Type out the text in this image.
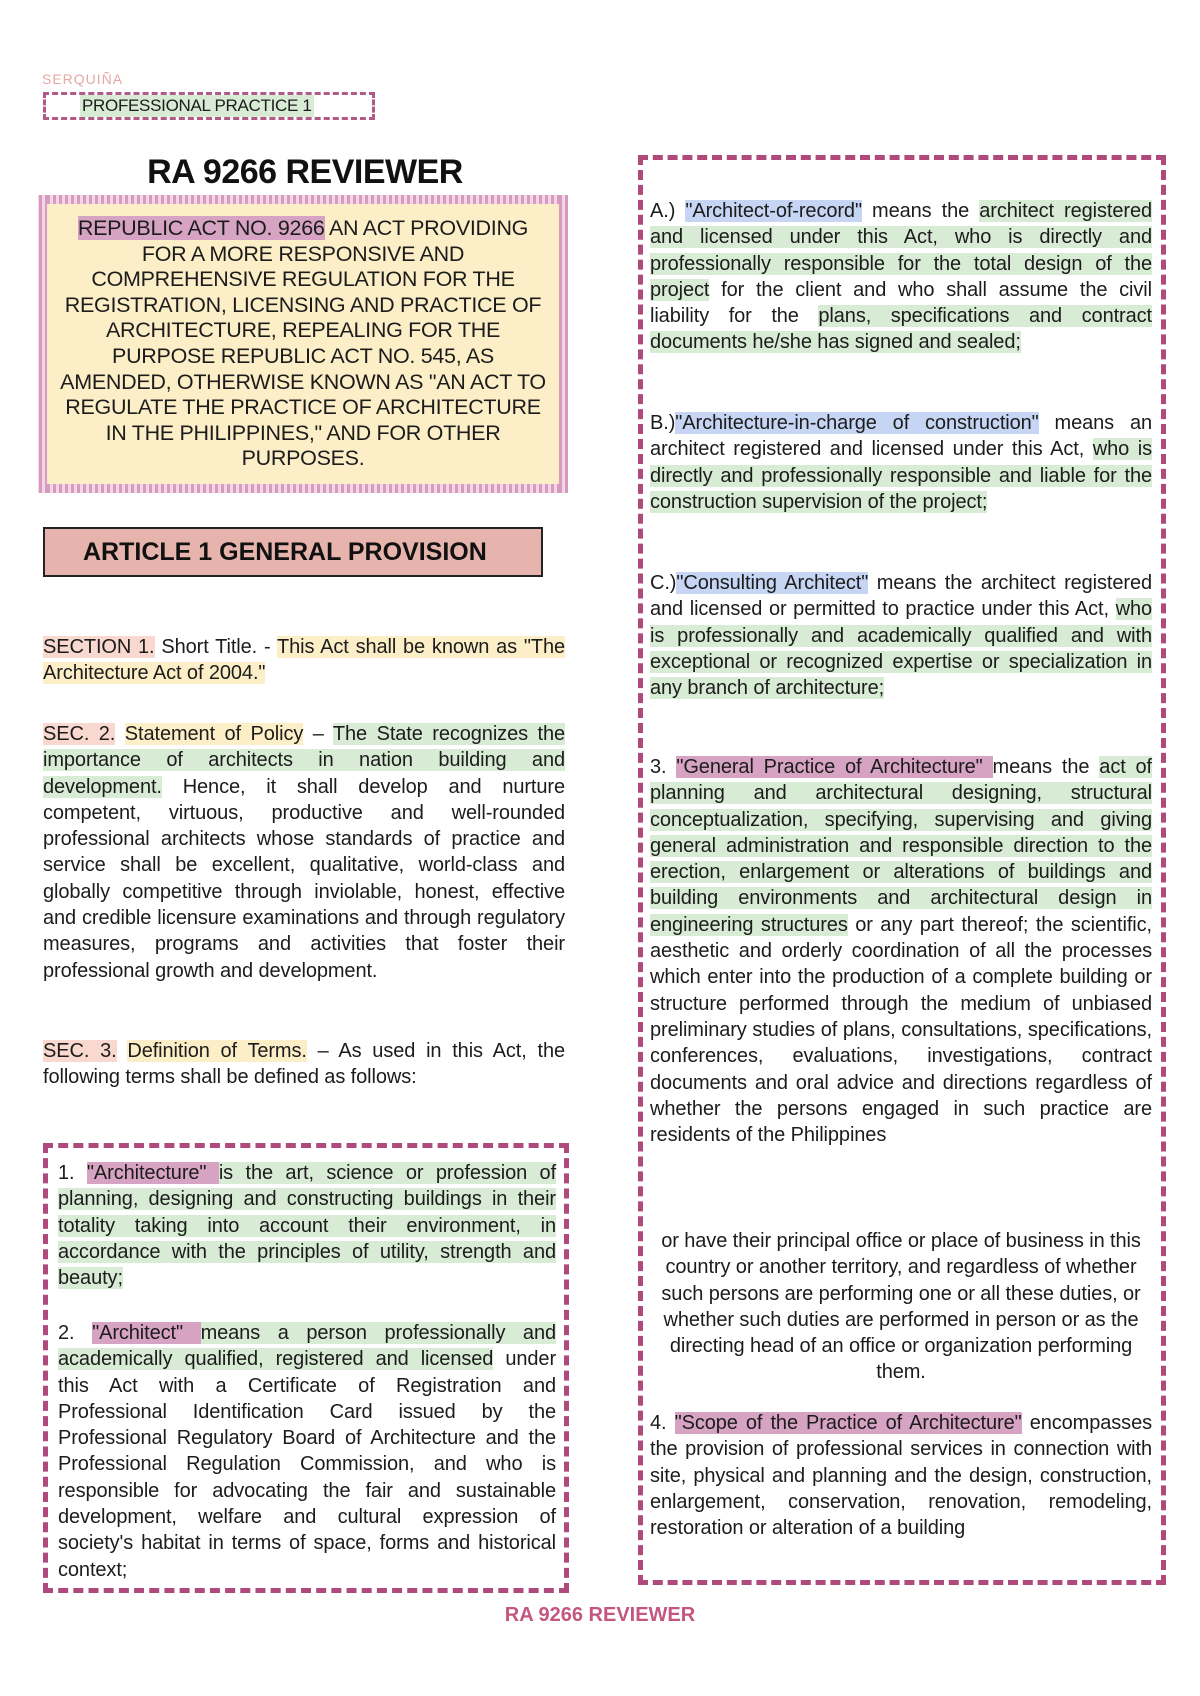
SERQUIÑA
PROFESSIONAL PRACTICE 1
RA 9266 REVIEWER
REPUBLIC ACT NO. 9266 AN ACT PROVIDING FOR A MORE RESPONSIVE AND COMPREHENSIVE REGULATION FOR THE REGISTRATION, LICENSING AND PRACTICE OF ARCHITECTURE, REPEALING FOR THE PURPOSE REPUBLIC ACT NO. 545, AS AMENDED, OTHERWISE KNOWN AS "AN ACT TO REGULATE THE PRACTICE OF ARCHITECTURE IN THE PHILIPPINES," AND FOR OTHER PURPOSES.
ARTICLE 1 GENERAL PROVISION
SECTION 1. Short Title. - This Act shall be known as "The Architecture Act of 2004."
SEC. 2. Statement of Policy – The State recognizes the importance of architects in nation building and development. Hence, it shall develop and nurture competent, virtuous, productive and well-rounded professional architects whose standards of practice and service shall be excellent, qualitative, world-class and globally competitive through inviolable, honest, effective and credible licensure examinations and through regulatory measures, programs and activities that foster their professional growth and development.
SEC. 3. Definition of Terms. – As used in this Act, the following terms shall be defined as follows:
1. "Architecture" is the art, science or profession of planning, designing and constructing buildings in their totality taking into account their environment, in accordance with the principles of utility, strength and beauty;
2. "Architect" means a person professionally and academically qualified, registered and licensed under this Act with a Certificate of Registration and Professional Identification Card issued by the Professional Regulatory Board of Architecture and the Professional Regulation Commission, and who is responsible for advocating the fair and sustainable development, welfare and cultural expression of society's habitat in terms of space, forms and historical context;
A.) "Architect-of-record" means the architect registered and licensed under this Act, who is directly and professionally responsible for the total design of the project for the client and who shall assume the civil liability for the plans, specifications and contract documents he/she has signed and sealed;
B.)"Architecture-in-charge of construction" means an architect registered and licensed under this Act, who is directly and professionally responsible and liable for the construction supervision of the project;
C.)"Consulting Architect" means the architect registered and licensed or permitted to practice under this Act, who is professionally and academically qualified and with exceptional or recognized expertise or specialization in any branch of architecture;
3. "General Practice of Architecture" means the act of planning and architectural designing, structural conceptualization, specifying, supervising and giving general administration and responsible direction to the erection, enlargement or alterations of buildings and building environments and architectural design in engineering structures or any part thereof; the scientific, aesthetic and orderly coordination of all the processes which enter into the production of a complete building or structure performed through the medium of unbiased preliminary studies of plans, consultations, specifications, conferences, evaluations, investigations, contract documents and oral advice and directions regardless of whether the persons engaged in such practice are residents of the Philippines
or have their principal office or place of business in this country or another territory, and regardless of whether such persons are performing one or all these duties, or whether such duties are performed in person or as the directing head of an office or organization performing them.
4. "Scope of the Practice of Architecture" encompasses the provision of professional services in connection with site, physical and planning and the design, construction, enlargement, conservation, renovation, remodeling, restoration or alteration of a building
RA 9266 REVIEWER
